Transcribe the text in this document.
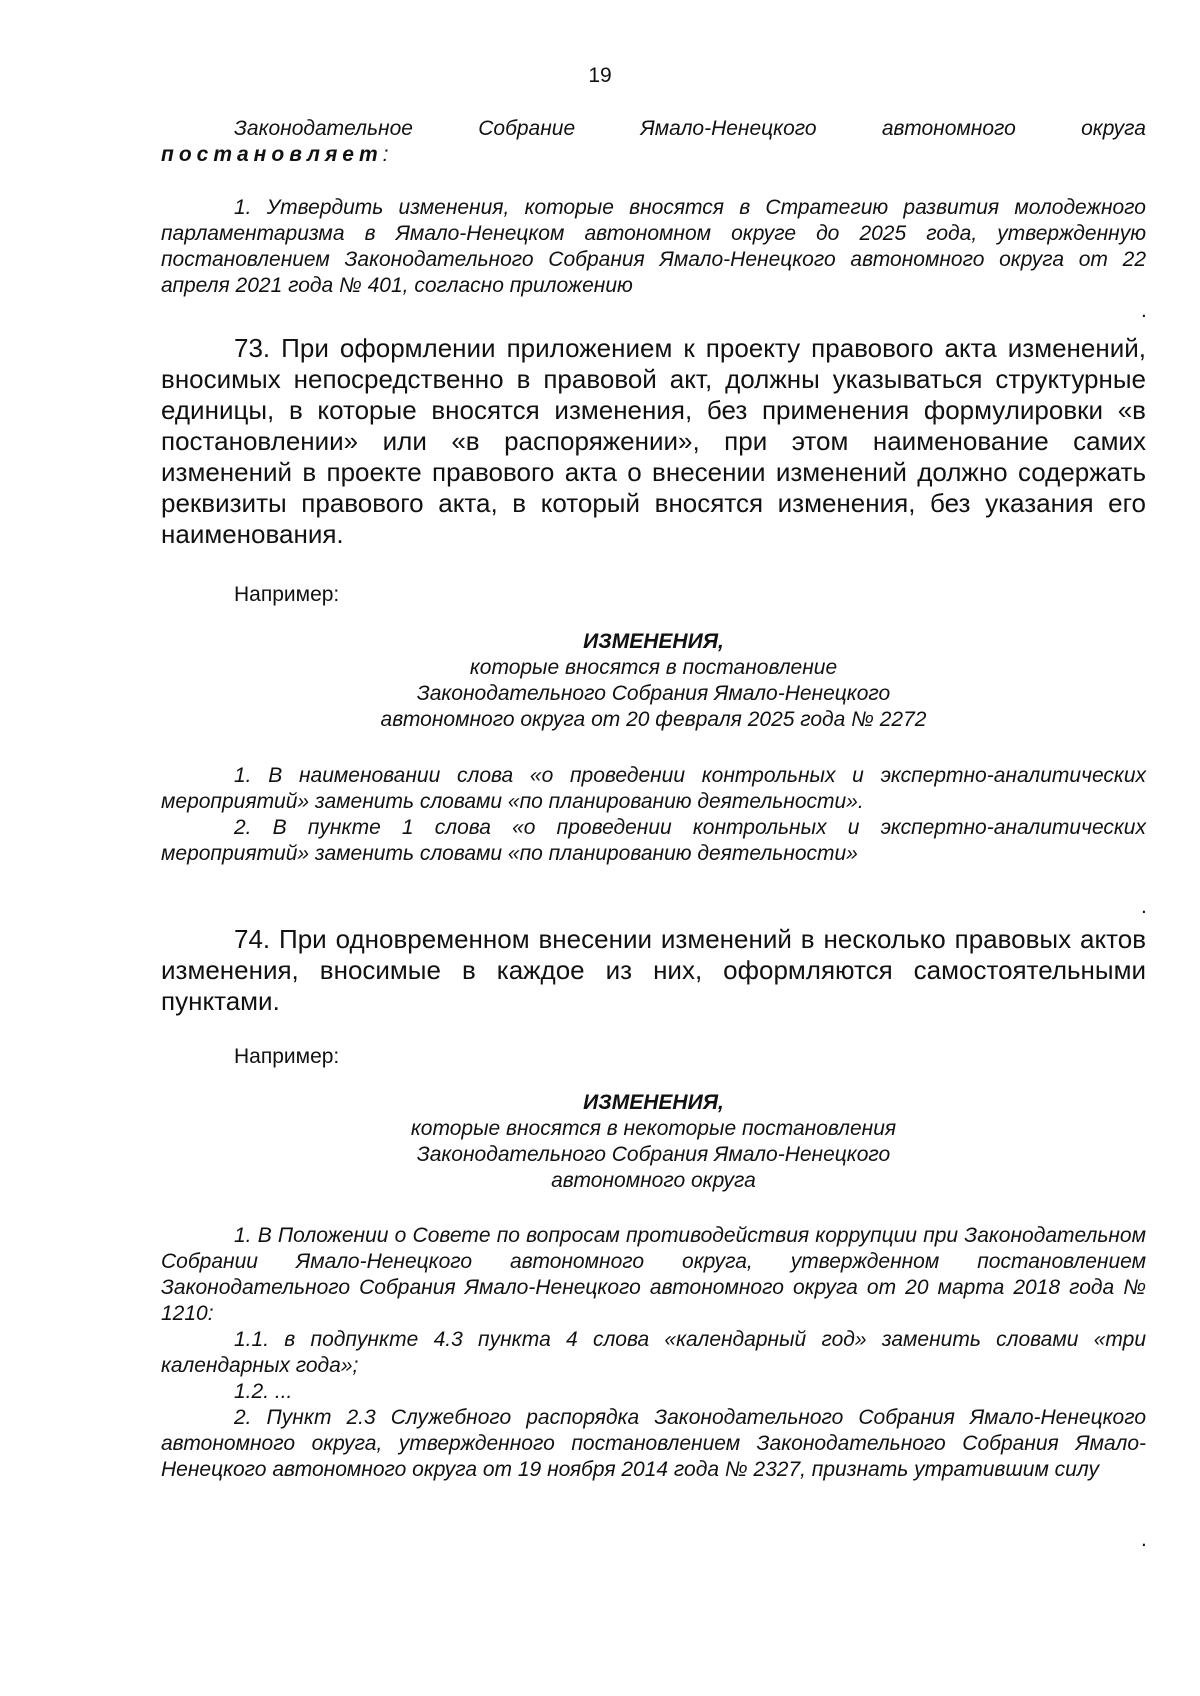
19

Законодательное Собрание Ямало-Ненецкого автономного округа

постановляет:

1. Утвердить изменения, которые вносятся в Стратегию развития молодежного парламентаризма в Ямало-Ненецком автономном округе до 2025 года, утвержденную постановлением Законодательного Собрания Ямало-Ненецкого автономного округа от 22 апреля 2021 года № 401, согласно приложению

.

73. При оформлении приложением к проекту правового акта изменений, вносимых непосредственно в правовой акт, должны указываться структурные единицы, в которые вносятся изменения, без применения формулировки «в постановлении» или «в распоряжении», при этом наименование самих изменений в проекте правового акта о внесении изменений должно содержать реквизиты правового акта, в который вносятся изменения, без указания его наименования.

Например:

ИЗМЕНЕНИЯ,

которые вносятся в постановление

Законодательного Собрания Ямало-Ненецкого

автономного округа от 20 февраля 2025 года № 2272

1. В наименовании слова «о проведении контрольных и экспертно-аналитических мероприятий» заменить словами «по планированию деятельности».

2. В пункте 1 слова «о проведении контрольных и экспертно-аналитических мероприятий» заменить словами «по планированию деятельности»

.

74. При одновременном внесении изменений в несколько правовых актов изменения, вносимые в каждое из них, оформляются самостоятельными пунктами.

Например:

ИЗМЕНЕНИЯ,

которые вносятся в некоторые постановления

Законодательного Собрания Ямало-Ненецкого

автономного округа

1. В Положении о Совете по вопросам противодействия коррупции при Законодательном Собрании Ямало-Ненецкого автономного округа, утвержденном постановлением Законодательного Собрания Ямало-Ненецкого автономного округа от 20 марта 2018 года № 1210:

1.1. в подпункте 4.3 пункта 4 слова «календарный год» заменить словами «три календарных года»;

1.2. ...

2. Пункт 2.3 Служебного распорядка Законодательного Собрания Ямало-Ненецкого автономного округа, утвержденного постановлением Законодательного Собрания Ямало-Ненецкого автономного округа от 19 ноября 2014 года № 2327, признать утратившим силу

.
